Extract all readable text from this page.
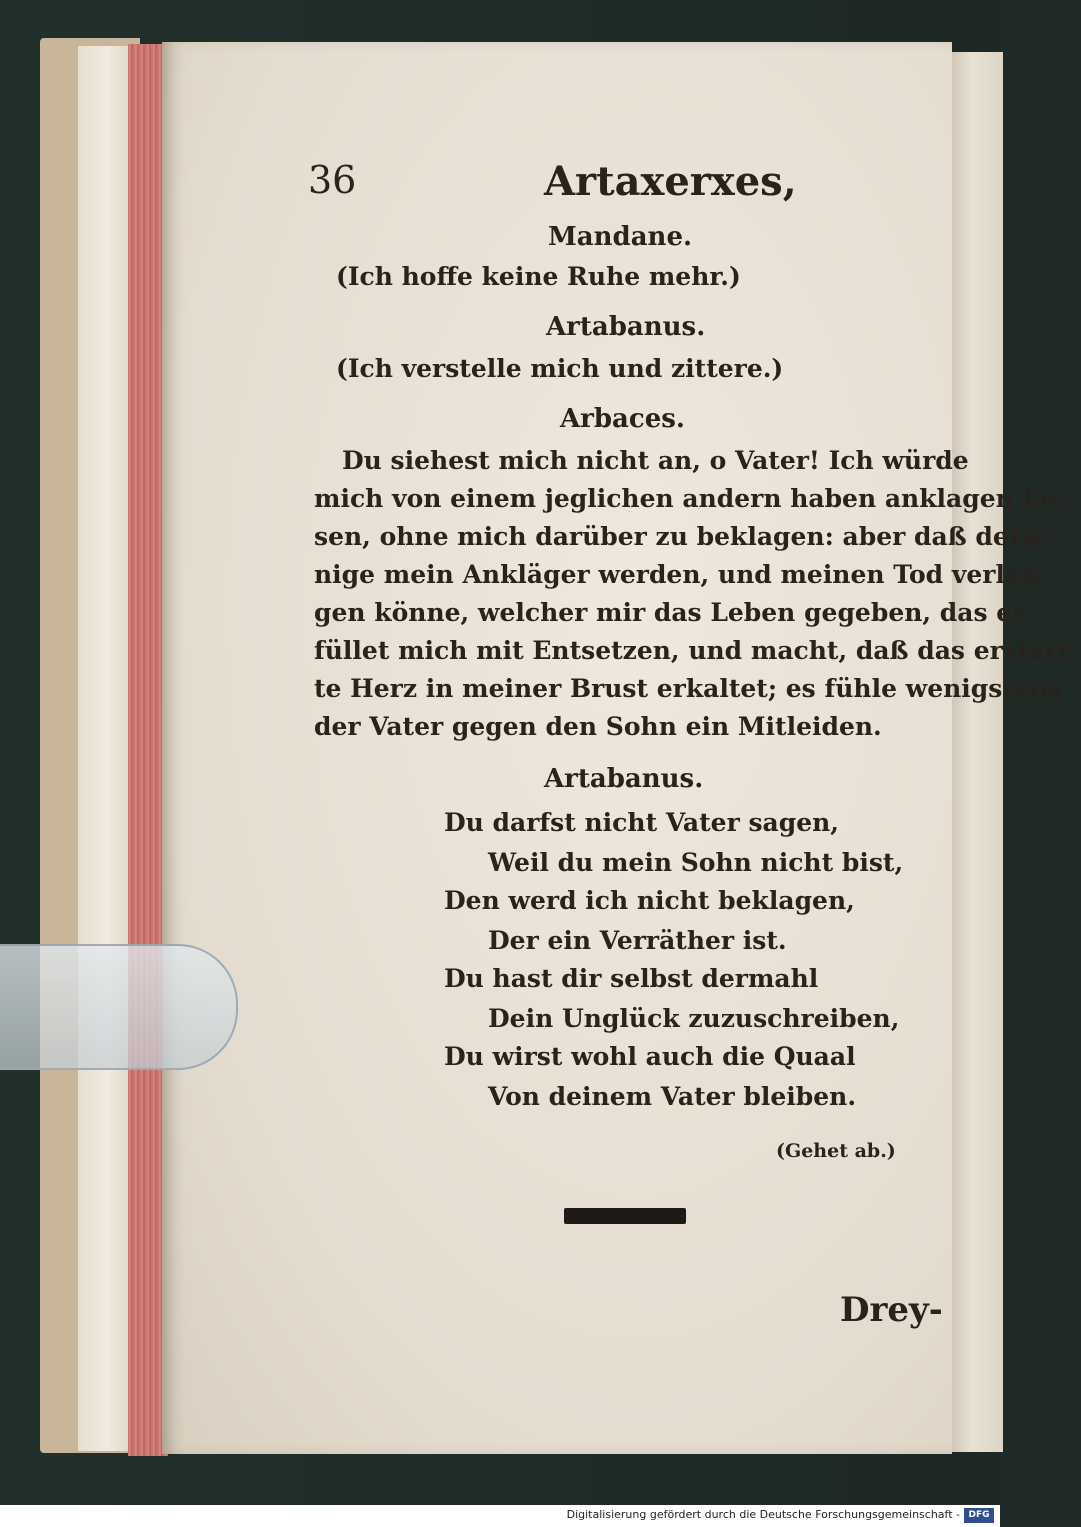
36	Artaxerxes,
Mandane.
(Ich hoffe keine Ruhe mehr.)
Artabanus.
(Ich verstelle mich und zittere.)
Arbaces.
Du siehest mich nicht an, o Vater! Ich würde
mich von einem jeglichen andern haben anklagen las-
sen, ohne mich darüber zu beklagen: aber daß derje-
nige mein Ankläger werden, und meinen Tod verlan-
gen könne, welcher mir das Leben gegeben, das er-
füllet mich mit Entsetzen, und macht, daß das erstarr-
te Herz in meiner Brust erkaltet; es fühle wenigstens
der Vater gegen den Sohn ein Mitleiden.
Artabanus.
Du darfst nicht Vater sagen,
Weil du mein Sohn nicht bist,
Den werd ich nicht beklagen,
Der ein Verräther ist.
Du hast dir selbst dermahl
Dein Unglück zuzuschreiben,
Du wirst wohl auch die Quaal
Von deinem Vater bleiben.
(Gehet ab.)
Drey-
Digitalisierung gefördert durch die Deutsche Forschungsgemeinschaft - DFG
